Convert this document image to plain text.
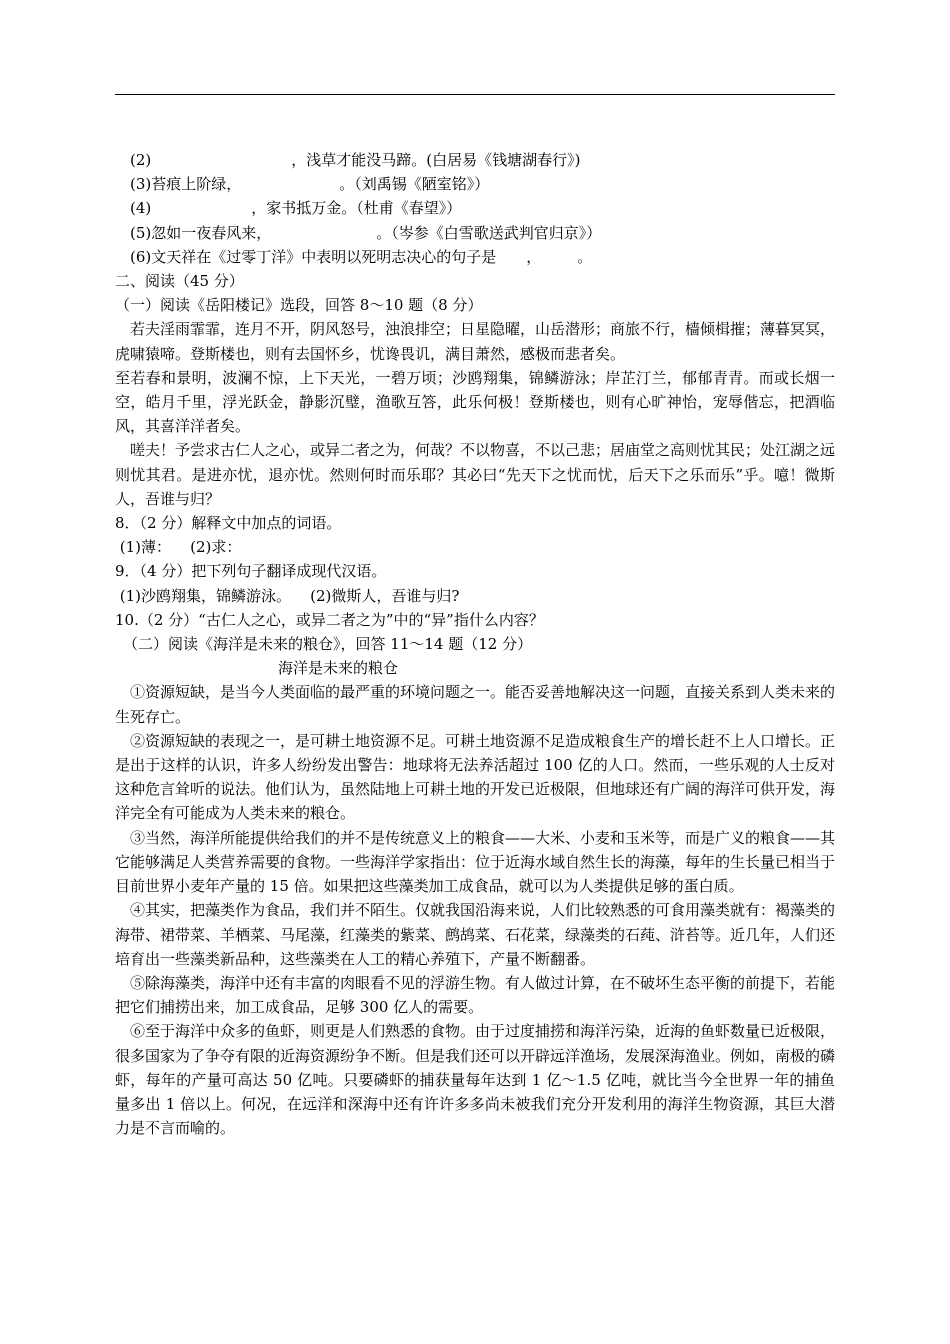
(2)	，浅草才能没马蹄。(白居易《钱塘湖春行》)
(3)苔痕上阶绿，	。（刘禹锡《陋室铭》）
(4)	，家书抵万金。（杜甫《春望》）
(5)忽如一夜春风来，	。（岑参《白雪歌送武判官归京》）
(6)文天祥在《过零丁洋》中表明以死明志决心的句子是 ， 。
二、阅读（45 分）
（一）阅读《岳阳楼记》选段，回答 8～10 题（8 分）

若夫淫雨霏霏，连月不开，阴风怒号，浊浪排空；日星隐曜，山岳潜形；商旅不行，樯倾楫摧；薄暮冥冥，虎啸猿啼。登斯楼也，则有去国怀乡，忧谗畏讥，满目萧然，感极而悲者矣。

至若春和景明，波澜不惊，上下天光，一碧万顷；沙鸥翔集，锦鳞游泳；岸芷汀兰，郁郁青青。而或长烟一空，皓月千里，浮光跃金，静影沉璧，渔歌互答，此乐何极！登斯楼也，则有心旷神怡，宠辱偕忘，把酒临风，其喜洋洋者矣。

嗟夫！予尝求古仁人之心，或异二者之为，何哉？不以物喜，不以己悲；居庙堂之高则忧其民；处江湖之远则忧其君。是进亦忧，退亦忧。然则何时而乐耶？其必曰“先天下之忧而忧，后天下之乐而乐”乎。噫！微斯人，吾谁与归？

8．（2 分）解释文中加点的词语。
(1)薄：    (2)求：
9．（4 分）把下列句子翻译成现代汉语。
(1)沙鸥翔集，锦鳞游泳。    (2)微斯人，吾谁与归?
10.（2 分）“古仁人之心，或异二者之为”中的“异”指什么内容？
（二）阅读《海洋是未来的粮仓》，回答 11～14 题（12 分）
海洋是未来的粮仓

①资源短缺，是当今人类面临的最严重的环境问题之一。能否妥善地解决这一问题，直接关系到人类未来的生死存亡。

②资源短缺的表现之一，是可耕土地资源不足。可耕土地资源不足造成粮食生产的增长赶不上人口增长。正是出于这样的认识，许多人纷纷发出警告：地球将无法养活超过 100 亿的人口。然而，一些乐观的人士反对这种危言耸听的说法。他们认为，虽然陆地上可耕土地的开发已近极限，但地球还有广阔的海洋可供开发，海洋完全有可能成为人类未来的粮仓。

③当然，海洋所能提供给我们的并不是传统意义上的粮食——大米、小麦和玉米等，而是广义的粮食——其它能够满足人类营养需要的食物。一些海洋学家指出：位于近海水域自然生长的海藻，每年的生长量已相当于目前世界小麦年产量的 15 倍。如果把这些藻类加工成食品，就可以为人类提供足够的蛋白质。

④其实，把藻类作为食品，我们并不陌生。仅就我国沿海来说，人们比较熟悉的可食用藻类就有：褐藻类的海带、裙带菜、羊栖菜、马尾藻，红藻类的紫菜、鹧鸪菜、石花菜，绿藻类的石莼、浒苔等。近几年，人们还培育出一些藻类新品种，这些藻类在人工的精心养殖下，产量不断翻番。

⑤除海藻类，海洋中还有丰富的肉眼看不见的浮游生物。有人做过计算，在不破坏生态平衡的前提下，若能把它们捕捞出来，加工成食品，足够 300 亿人的需要。

⑥至于海洋中众多的鱼虾，则更是人们熟悉的食物。由于过度捕捞和海洋污染，近海的鱼虾数量已近极限，很多国家为了争夺有限的近海资源纷争不断。但是我们还可以开辟远洋渔场，发展深海渔业。例如，南极的磷虾，每年的产量可高达 50 亿吨。只要磷虾的捕获量每年达到 1 亿～1.5 亿吨，就比当今全世界一年的捕鱼量多出 1 倍以上。何况，在远洋和深海中还有许许多多尚未被我们充分开发利用的海洋生物资源，其巨大潜力是不言而喻的。
